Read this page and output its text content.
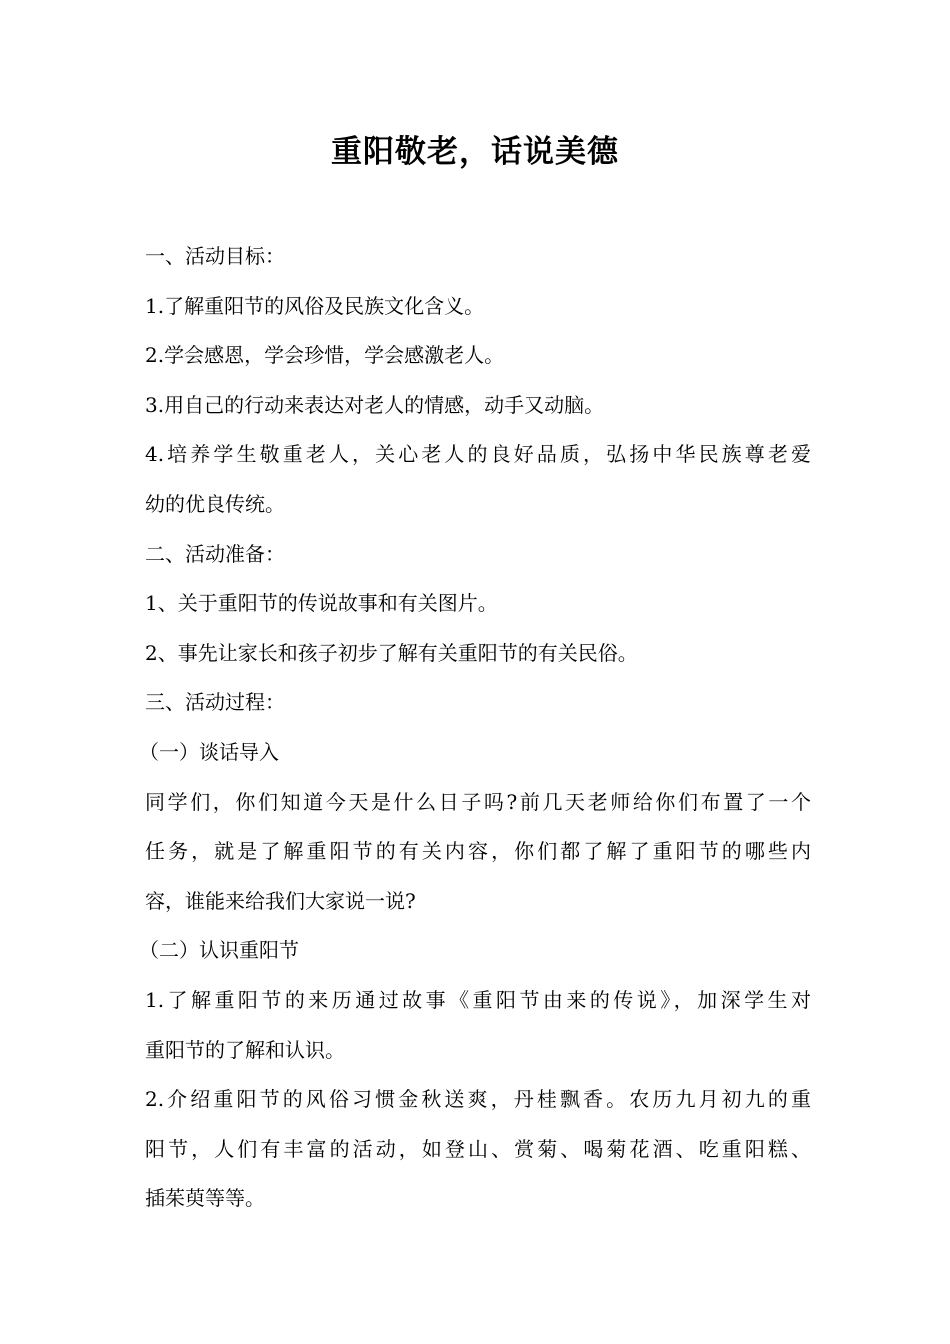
重阳敬老，话说美德
一、活动目标：
1.了解重阳节的风俗及民族文化含义。
2.学会感恩，学会珍惜，学会感激老人。
3.用自己的行动来表达对老人的情感，动手又动脑。
4.培养学生敬重老人，关心老人的良好品质，弘扬中华民族尊老爱
幼的优良传统。
二、活动准备：
1、关于重阳节的传说故事和有关图片。
2、事先让家长和孩子初步了解有关重阳节的有关民俗。
三、活动过程：
（一）谈话导入
同学们，你们知道今天是什么日子吗?前几天老师给你们布置了一个
任务，就是了解重阳节的有关内容，你们都了解了重阳节的哪些内
容，谁能来给我们大家说一说?
（二）认识重阳节
1.了解重阳节的来历通过故事《重阳节由来的传说》，加深学生对
重阳节的了解和认识。
2.介绍重阳节的风俗习惯金秋送爽，丹桂飘香。农历九月初九的重
阳节，人们有丰富的活动，如登山、赏菊、喝菊花酒、吃重阳糕、
插茱萸等等。
